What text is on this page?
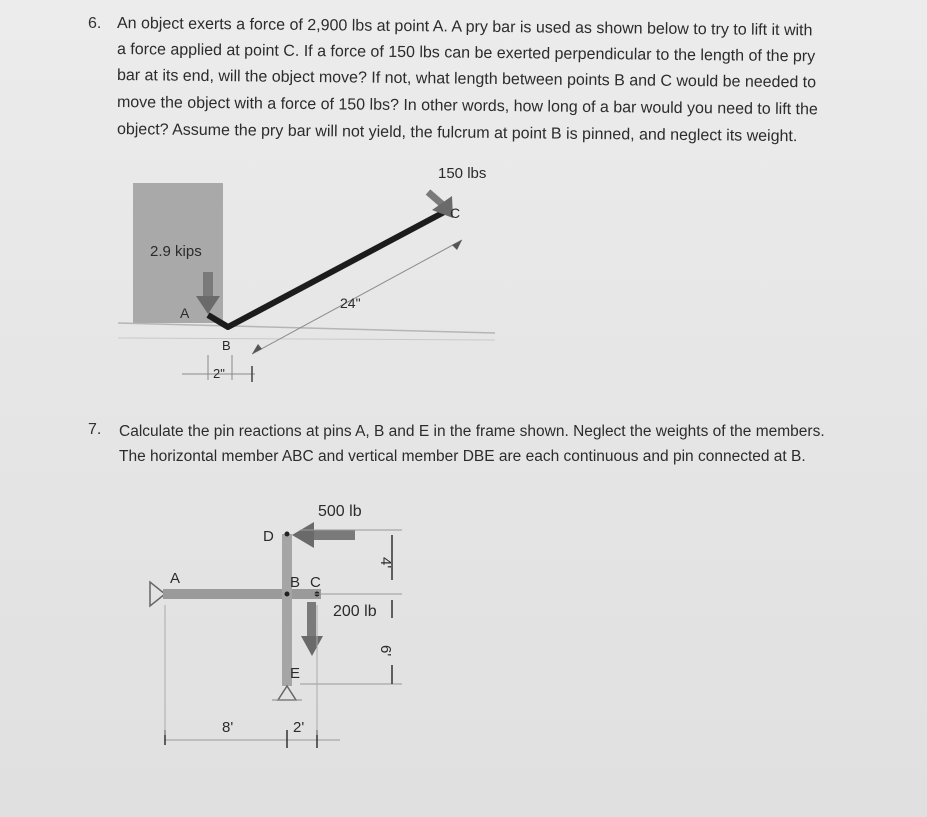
6. An object exerts a force of 2,900 lbs at point A. A pry bar is used as shown below to try to lift it with
a force applied at point C. If a force of 150 lbs can be exerted perpendicular to the length of the pry
bar at its end, will the object move? If not, what length between points B and C would be needed to
move the object with a force of 150 lbs? In other words, how long of a bar would you need to lift the
object? Assume the pry bar will not yield, the fulcrum at point B is pinned, and neglect its weight.
150 lbs
C
2.9 kips
A
B
24"
2"
7. Calculate the pin reactions at pins A, B and E in the frame shown. Neglect the weights of the members.
The horizontal member ABC and vertical member DBE are each continuous and pin connected at B.
500 lb
200 lb
A	B C
D
E
8'	2'
4'
6'
